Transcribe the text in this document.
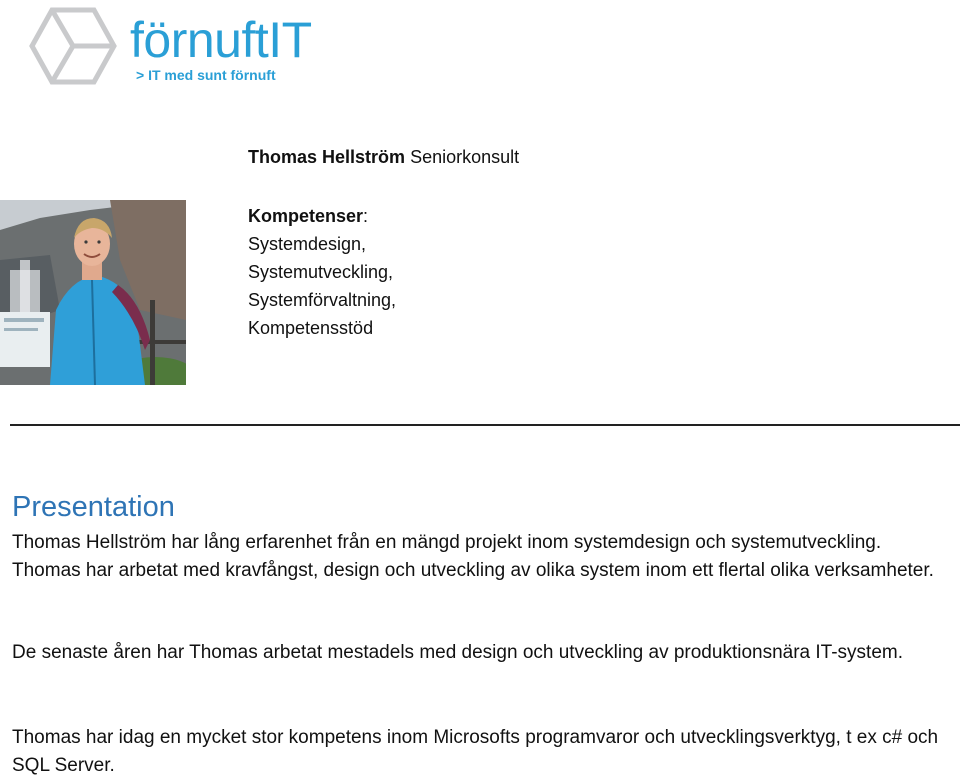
förnuftIT
> IT med sunt förnuft
Thomas Hellström Seniorkonsult
Kompetenser:
Systemdesign,
Systemutveckling,
Systemförvaltning,
Kompetensstöd
Presentation
Thomas Hellström har lång erfarenhet från en mängd projekt inom systemdesign och systemutveckling. Thomas har arbetat med kravfångst, design och utveckling av olika system inom ett flertal olika verksamheter.
De senaste åren har Thomas arbetat mestadels med design och utveckling av produktionsnära IT-system.
Thomas har idag en mycket stor kompetens inom Microsofts programvaror och utvecklingsverktyg, t ex c# och SQL Server.
